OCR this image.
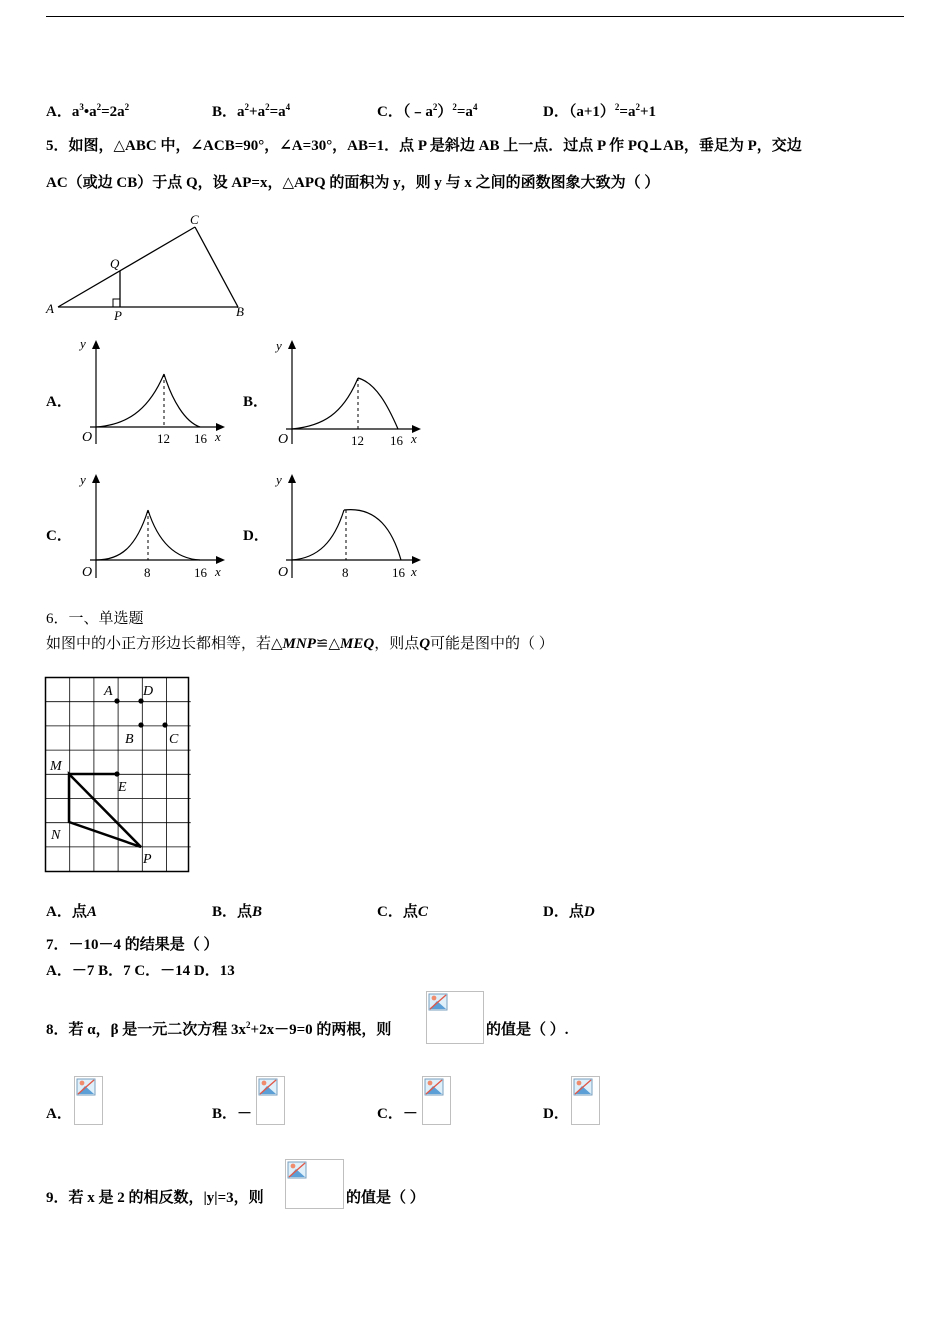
A．$a^3•a^2=2a^2$	B．$a^2+a^2=a^4$	C．$(﹣a^2)^2=a^4$	D．$(a+1)^2=a^2+1$
5．如图，△ABC 中，∠ACB=90°，∠A=30°，AB=1．点 P 是斜边 AB 上一点．过点 P 作 PQ⊥AB，垂足为 P，交边
AC（或边 CB）于点 Q，设 AP=x，△APQ 的面积为 y，则 y 与 x 之间的函数图象大致为（ ）
A	B
C
P
Q
A．
y
O	12 16 x
B．
y
O	12 16 x
C．
y
O	8	16 x
D．
y
O	8	16 x
6．一、单选题
如图中的小正方形边长都相等，若△MNP≌△MEQ，则点Q可能是图中的（ ）
A D
B	C
M
E
N
P
A．点A	B．点B	C．点C	D．点D
7．－10－4 的结果是（ ）
A．－7 B．7 C．－14 D．13
8．若 α，β 是一元二次方程 $3x^2+2x-9=0$ 的两根，则	的值是（ ）.
A．	B．－	C．－	D．
9．若 x 是 2 的相反数，|y|=3，则	的值是（ ）
